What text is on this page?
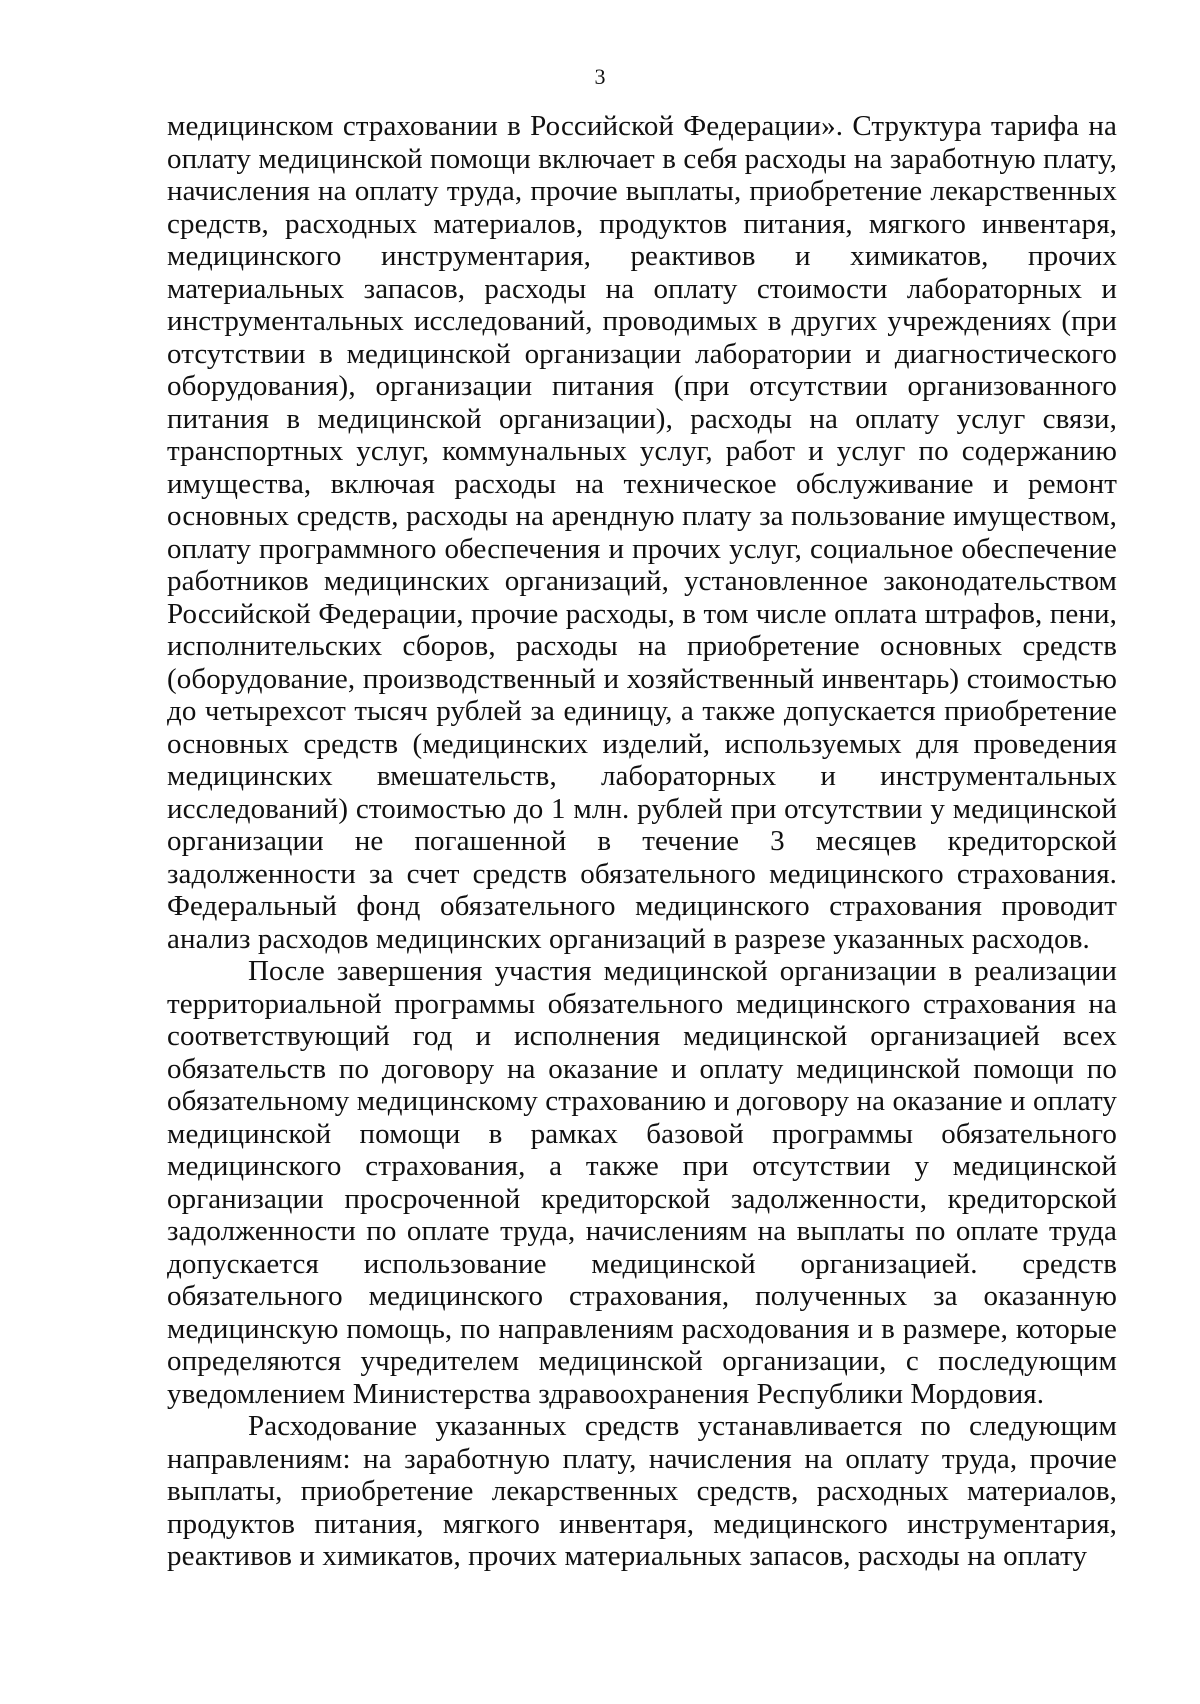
3

медицинском страховании в Российской Федерации». Структура тарифа на оплату медицинской помощи включает в себя расходы на заработную плату, начисления на оплату труда, прочие выплаты, приобретение лекарственных средств, расходных материалов, продуктов питания, мягкого инвентаря, медицинского инструментария, реактивов и химикатов, прочих материальных запасов, расходы на оплату стоимости лабораторных и инструментальных исследований, проводимых в других учреждениях (при отсутствии в медицинской организации лаборатории и диагностического оборудования), организации питания (при отсутствии организованного питания в медицинской организации), расходы на оплату услуг связи, транспортных услуг, коммунальных услуг, работ и услуг по содержанию имущества, включая расходы на техническое обслуживание и ремонт основных средств, расходы на арендную плату за пользование имуществом, оплату программного обеспечения и прочих услуг, социальное обеспечение работников медицинских организаций, установленное законодательством Российской Федерации, прочие расходы, в том числе оплата штрафов, пени, исполнительских сборов, расходы на приобретение основных средств (оборудование, производственный и хозяйственный инвентарь) стоимостью до четырехсот тысяч рублей за единицу, а также допускается приобретение основных средств (медицинских изделий, используемых для проведения медицинских вмешательств, лабораторных и инструментальных исследований) стоимостью до 1 млн. рублей при отсутствии у медицинской организации не погашенной в течение 3 месяцев кредиторской задолженности за счет средств обязательного медицинского страхования. Федеральный фонд обязательного медицинского страхования проводит анализ расходов медицинских организаций в разрезе указанных расходов.

После завершения участия медицинской организации в реализации территориальной программы обязательного медицинского страхования на соответствующий год и исполнения медицинской организацией всех обязательств по договору на оказание и оплату медицинской помощи по обязательному медицинскому страхованию и договору на оказание и оплату медицинской помощи в рамках базовой программы обязательного медицинского страхования, а также при отсутствии у медицинской организации просроченной кредиторской задолженности, кредиторской задолженности по оплате труда, начислениям на выплаты по оплате труда допускается использование медицинской организацией. средств обязательного медицинского страхования, полученных за оказанную медицинскую помощь, по направлениям расходования и в размере, которые определяются учредителем медицинской организации, с последующим уведомлением Министерства здравоохранения Республики Мордовия.

Расходование указанных средств устанавливается по следующим направлениям: на заработную плату, начисления на оплату труда, прочие выплаты, приобретение лекарственных средств, расходных материалов, продуктов питания, мягкого инвентаря, медицинского инструментария, реактивов и химикатов, прочих материальных запасов, расходы на оплату
